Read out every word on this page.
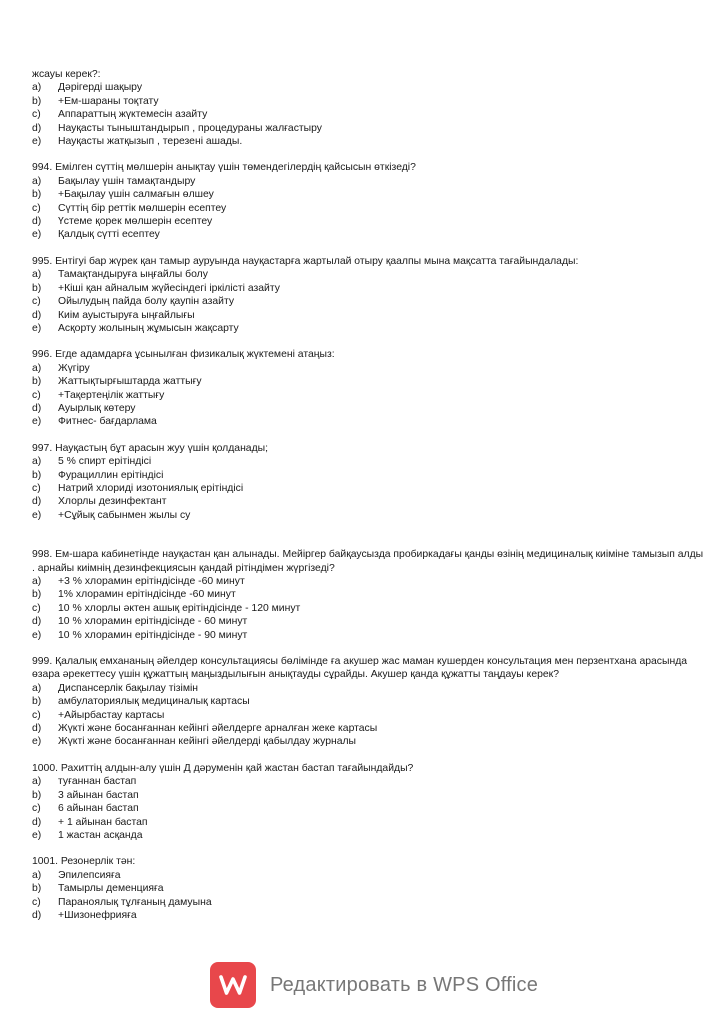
жсауы керек?:
a)	Дәрігерді шақыру
b)	+Ем-шараны тоқтату
c)	Аппараттың жүктемесін азайту
d)	Науқасты тыныштандырып , процедураны жалғастыру
e)	Науқасты жатқызып , терезені ашады.
994. Емілген сүттің мөлшерін анықтау үшін төмендегілердің қайсысын өткізеді?
a)	Бақылау үшін тамақтандыру
b)	+Бақылау үшін салмағын өлшеу
c)	Сүттің бір реттік мөлшерін есептеу
d)	Үстеме қорек мөлшерін есептеу
e)	Қалдық сүтті есептеу
995. Ентігуі бар жүрек қан тамыр ауруында науқастарға жартылай отыру қаалпы мына мақсатта тағайындалады:
a)	Тамақтандыруға ыңғайлы болу
b)	+Кіші қан айналым жүйесіндегі іркілісті азайту
c)	Ойылудың пайда болу қаупін азайту
d)	Киім ауыстыруға ыңғайлығы
e)	Асқорту жолының жұмысын жақсарту
996. Егде адамдарға ұсынылған физикалық жүктемені атаңыз:
a)	Жүгіру
b)	Жаттықтырғыштарда жаттығу
c)	+Тақертеңілік жаттығу
d)	Ауырлық көтеру
e)	Фитнес- бағдарлама
997. Науқастың бұт арасын жуу үшін қолданады;
a)	5 % спирт ерітіндісі
b)	Фурациллин ерітіндісі
c)	Натрий хлориді изотониялық ерітіндісі
d)	Хлорлы дезинфектант
e)	+Сұйық сабынмен жылы су
998. Ем-шара кабинетінде науқастан қан алынады. Мейіргер байқаусызда пробиркадағы қанды өзінің медициналық киіміне тамызып алды . арнайы киімнің дезинфекциясын қандай рітіндімен жүргізеді?
a)	+3 % хлорамин ерітіндісінде -60 минут
b)	1% хлорамин ерітіндісінде -60 минут
c)	10 % хлорлы әктен ашық ерітіндісінде - 120 минут
d)	10 % хлорамин ерітіндісінде - 60 минут
e)	10 % хлорамин ерітіндісінде - 90 минут
999. Қалалық емхананың әйелдер консультациясы бөлімінде ға акушер жас маман кушерден консультация мен перзентхана арасында өзара әрекеттесу үшін құжаттың маңыздылығын анықтауды сұрайды. Акушер қанда құжатты таңдауы керек?
a)	Диспансерлік бақылау тізімін
b)	амбулаториялық медициналық картасы
c)	+Айырбастау картасы
d)	Жүкті және босанғаннан кейінгі әйелдерге арналған жеке картасы
e)	Жүкті және босанғаннан кейінгі әйелдерді қабылдау журналы
1000. Рахиттің алдын-алу үшін Д дәруменін қай жастан бастап тағайындайды?
a)	туғаннан бастап
b)	3 айынан бастап
c)	6 айынан бастап
d)	+ 1 айынан бастап
e)	1 жастан асқанда
1001. Резонерлік тән:
a)	Эпилепсияға
b)	Тамырлы деменцияға
c)	Параноялық тұлғаның дамуына
d)	+Шизонефрияға
Редактировать в WPS Office
